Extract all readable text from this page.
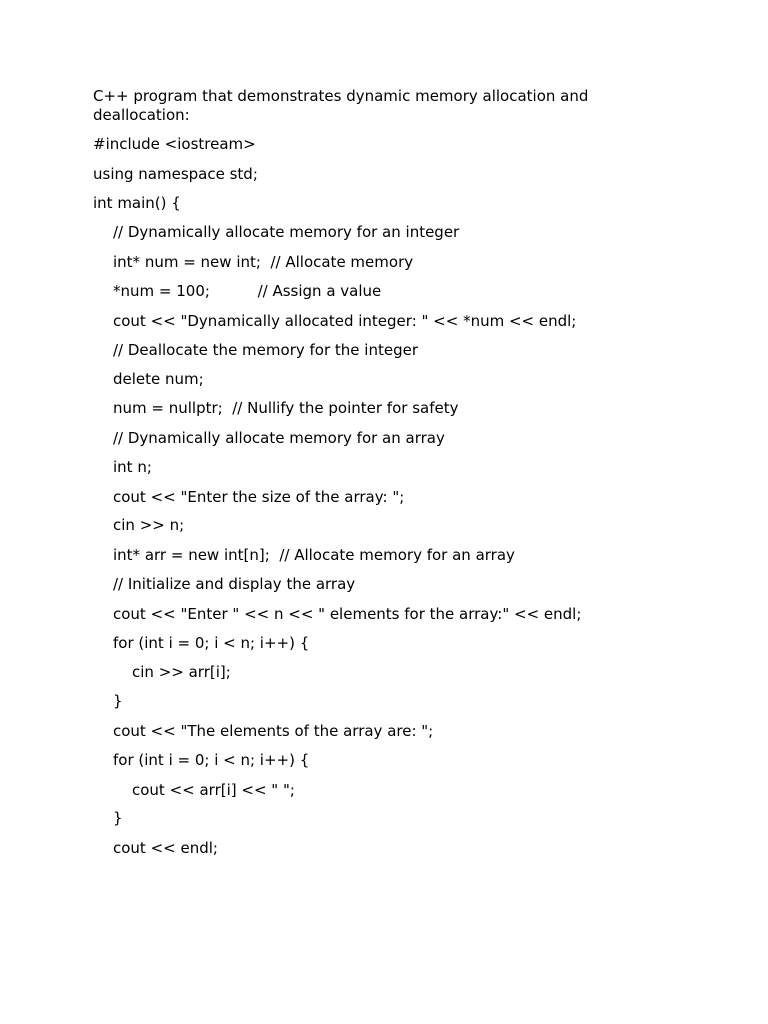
C++ program that demonstrates dynamic memory allocation and deallocation:

#include <iostream>
using namespace std;
int main() {
// Dynamically allocate memory for an integer
int* num = new int;  // Allocate memory
*num = 100;          // Assign a value
cout << "Dynamically allocated integer: " << *num << endl;
// Deallocate the memory for the integer
delete num;
num = nullptr;  // Nullify the pointer for safety
// Dynamically allocate memory for an array
int n;
cout << "Enter the size of the array: ";
cin >> n;
int* arr = new int[n];  // Allocate memory for an array
// Initialize and display the array
cout << "Enter " << n << " elements for the array:" << endl;
for (int i = 0; i < n; i++) {
cin >> arr[i];
}
cout << "The elements of the array are: ";
for (int i = 0; i < n; i++) {
cout << arr[i] << " ";
}
cout << endl;
